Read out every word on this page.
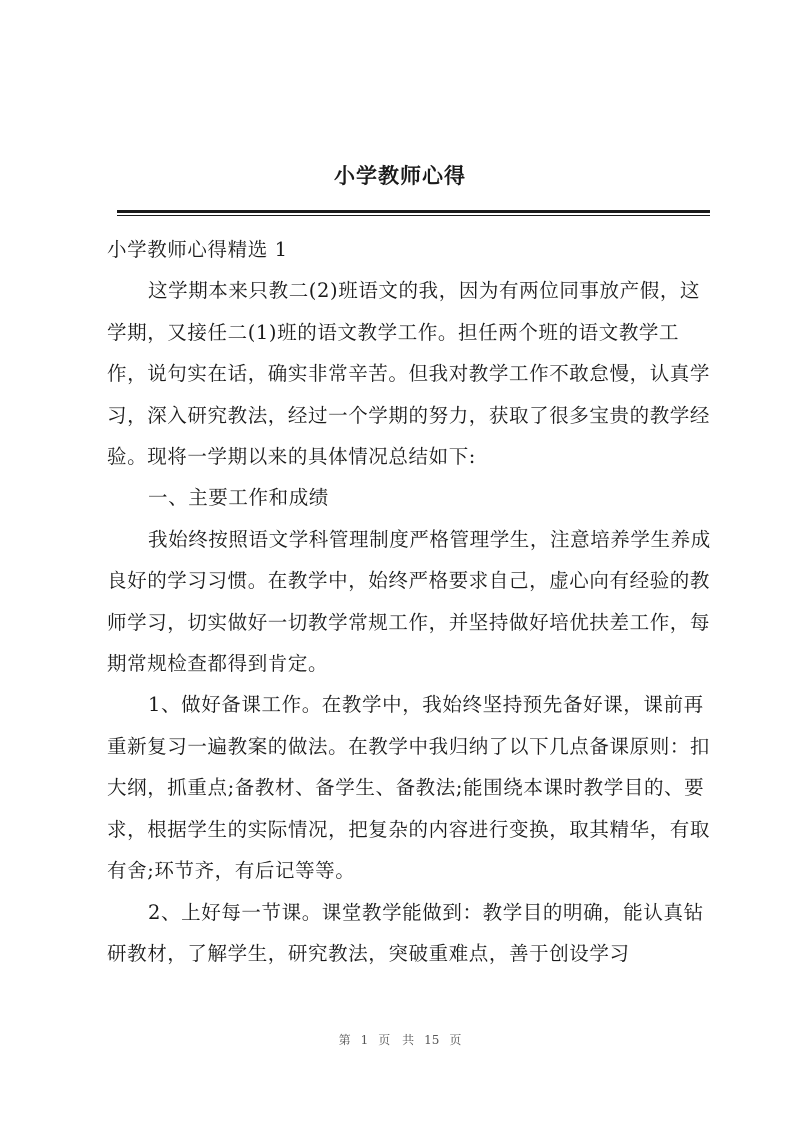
小学教师心得

小学教师心得精选 1

这学期本来只教二(2)班语文的我，因为有两位同事放产假，这学期，又接任二(1)班的语文教学工作。担任两个班的语文教学工作，说句实在话，确实非常辛苦。但我对教学工作不敢怠慢，认真学习，深入研究教法，经过一个学期的努力，获取了很多宝贵的教学经验。现将一学期以来的具体情况总结如下:

一、主要工作和成绩

我始终按照语文学科管理制度严格管理学生，注意培养学生养成良好的学习习惯。在教学中，始终严格要求自己，虚心向有经验的教师学习，切实做好一切教学常规工作，并坚持做好培优扶差工作，每期常规检查都得到肯定。

1、做好备课工作。在教学中，我始终坚持预先备好课，课前再重新复习一遍教案的做法。在教学中我归纳了以下几点备课原则：扣大纲，抓重点;备教材、备学生、备教法;能围绕本课时教学目的、要求，根据学生的实际情况，把复杂的内容进行变换，取其精华，有取有舍;环节齐，有后记等等。

2、上好每一节课。课堂教学能做到：教学目的明确，能认真钻研教材，了解学生，研究教法，突破重难点，善于创设学习

第 1 页 共 15 页
